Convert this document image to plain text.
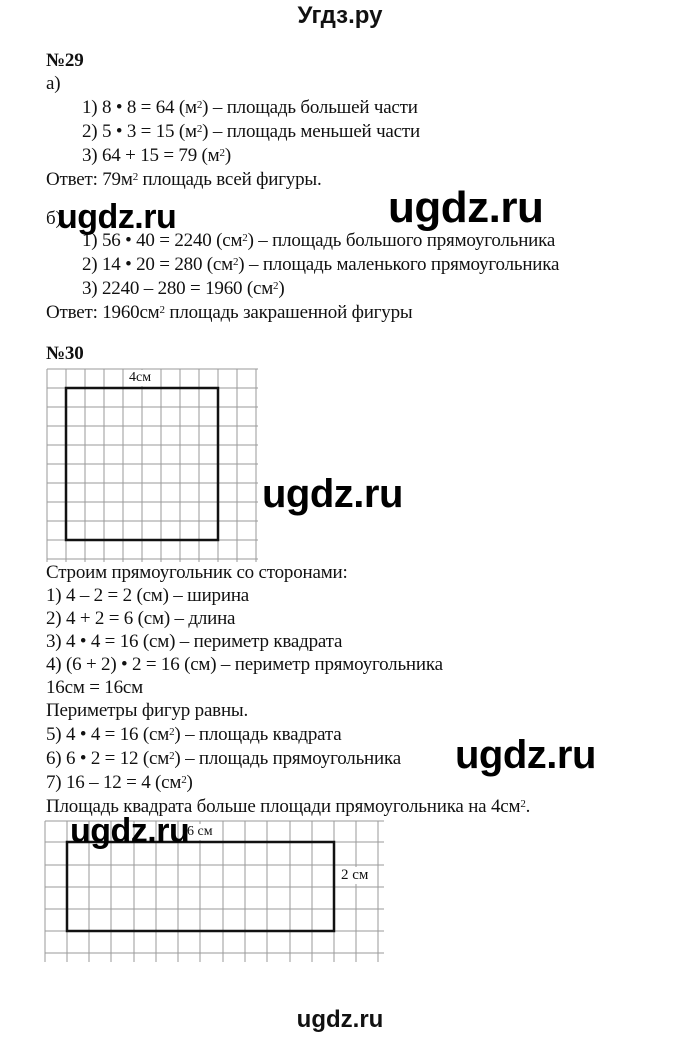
Угдз.ру
№29
а)
1) 8 • 8 = 64 $(м^2)$ – площадь большей части
2) 5 • 3 = 15 $(м^2)$ – площадь меньшей части
3) 64 + 15 = 79 $(м^2)$
Ответ: $79м^2$ площадь всей фигуры.
б)
1) 56 • 40 = 2240 $(см^2)$ – площадь большого прямоугольника
2) 14 • 20 = 280 $(см^2)$ – площадь маленького прямоугольника
3) 2240 – 280 = 1960 $(см^2)$
Ответ: $1960см^2$ площадь закрашенной фигуры
№30
4см
Строим прямоугольник со сторонами:
1) 4 – 2 = 2 (см) – ширина
2) 4 + 2 = 6 (см) – длина
3) 4 • 4 = 16 (см) – периметр квадрата
4) (6 + 2) • 2 = 16 (см) – периметр прямоугольника
16см = 16см
Периметры фигур равны.
5) 4 • 4 = 16 $(см^2)$ – площадь квадрата
6) 6 • 2 = 12 $(см^2)$ – площадь прямоугольника
7) 16 – 12 = 4 $(см^2)$
Площадь квадрата больше площади прямоугольника на $4см^2$.
6 см
2 см
ugdz.ru	ugdz.ru
ugdz.ru
ugdz.ru
ugdz.ru
ugdz.ru
